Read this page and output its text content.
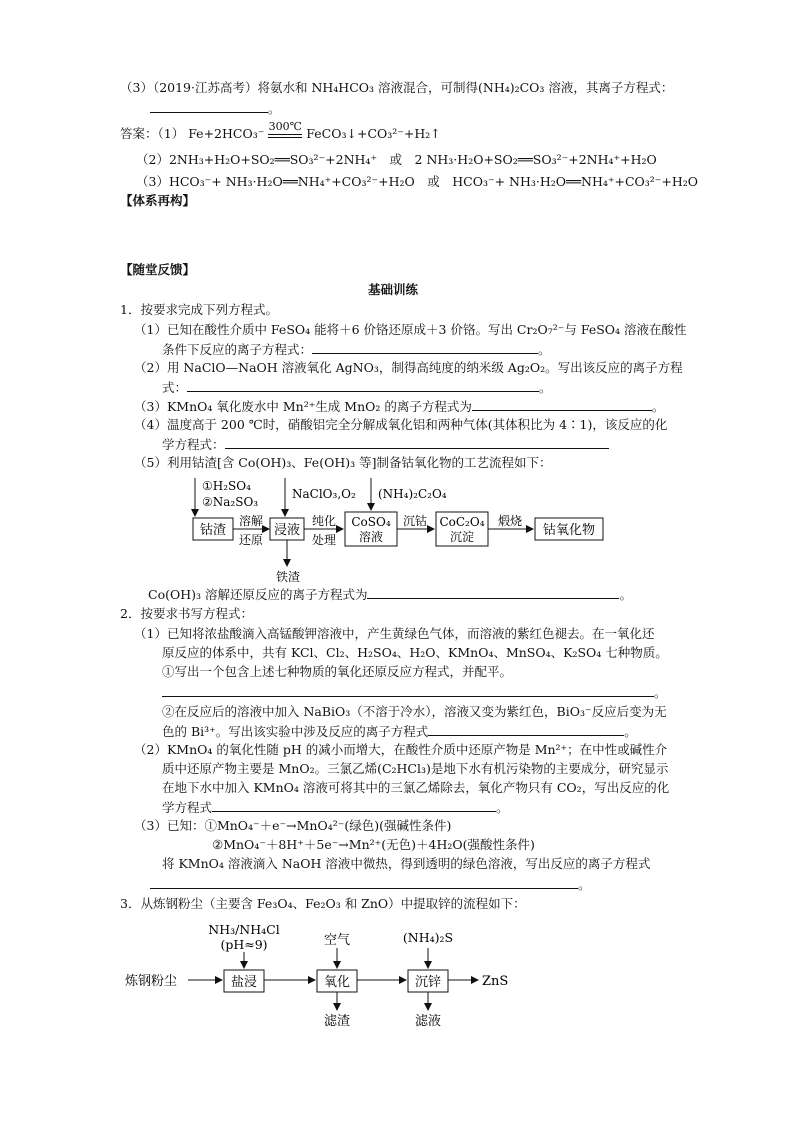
（3）（2019·江苏高考）将氨水和 NH₄HCO₃ 溶液混合，可制得(NH₄)₂CO₃ 溶液，其离子方程式：
。
答案：（1） Fe+2HCO₃⁻ 300℃ FeCO₃↓+CO₃²⁻+H₂↑
（2）2NH₃+H₂O+SO₂══SO₃²⁻+2NH₄⁺　或　2 NH₃·H₂O+SO₂══SO₃²⁻+2NH₄⁺+H₂O
（3）HCO₃⁻+ NH₃·H₂O══NH₄⁺+CO₃²⁻+H₂O　或　HCO₃⁻+ NH₃·H₂O══NH₄⁺+CO₃²⁻+H₂O
【体系再构】
【随堂反馈】
基础训练
1．按要求完成下列方程式。
（1）已知在酸性介质中 FeSO₄ 能将＋6 价铬还原成＋3 价铬。写出 Cr₂O₇²⁻与 FeSO₄ 溶液在酸性
条件下反应的离子方程式：	。
（2）用 NaClO—NaOH 溶液氧化 AgNO₃，制得高纯度的纳米级 Ag₂O₂。写出该反应的离子方程
式：	。
（3）KMnO₄ 氧化废水中 Mn²⁺生成 MnO₂ 的离子方程式为	。
（4）温度高于 200 ℃时，硝酸铝完全分解成氧化铝和两种气体(其体积比为 4∶1)，该反应的化
学方程式：
（5）利用钴渣[含 Co(OH)₃、Fe(OH)₃ 等]制备钴氧化物的工艺流程如下：
①H₂SO₄
②Na₂SO₃
钴渣
溶解
还原
NaClO₃,O₂
浸液
铁渣
纯化
处理
(NH₄)₂C₂O₄
CoSO₄
溶液
沉钴 CoC₂O₄
沉淀
煅烧
钴氧化物
Co(OH)₃ 溶解还原反应的离子方程式为	。
2．按要求书写方程式：
（1）已知将浓盐酸滴入高锰酸钾溶液中，产生黄绿色气体，而溶液的紫红色褪去。在一氧化还
原反应的体系中，共有 KCl、Cl₂、H₂SO₄、H₂O、KMnO₄、MnSO₄、K₂SO₄ 七种物质。
①写出一个包含上述七种物质的氧化还原反应方程式，并配平。
。
②在反应后的溶液中加入 NaBiO₃（不溶于冷水），溶液又变为紫红色，BiO₃⁻反应后变为无
色的 Bi³⁺。写出该实验中涉及反应的离子方程式	。
（2）KMnO₄ 的氧化性随 pH 的减小而增大，在酸性介质中还原产物是 Mn²⁺；在中性或碱性介
质中还原产物主要是 MnO₂。三氯乙烯(C₂HCl₃)是地下水有机污染物的主要成分，研究显示
在地下水中加入 KMnO₄ 溶液可将其中的三氯乙烯除去，氧化产物只有 CO₂，写出反应的化
学方程式	。
（3）已知：①MnO₄⁻＋e⁻→MnO₄²⁻(绿色)(强碱性条件)
②MnO₄⁻＋8H⁺＋5e⁻→Mn²⁺(无色)＋4H₂O(强酸性条件)
将 KMnO₄ 溶液滴入 NaOH 溶液中微热，得到透明的绿色溶液，写出反应的离子方程式
。
3．从炼钢粉尘（主要含 Fe₃O₄、Fe₂O₃ 和 ZnO）中提取锌的流程如下：
NH₃/NH₄Cl
(pH≈9)	空气	(NH₄)₂S
炼钢粉尘	盐浸	氧化
滤渣
沉锌
滤液
ZnS
